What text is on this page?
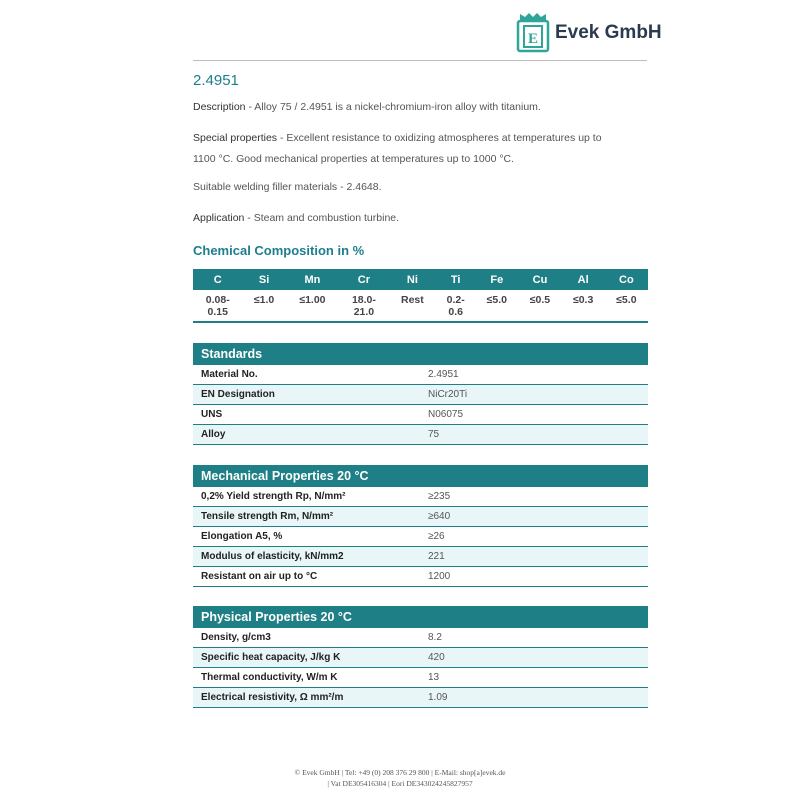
E Evek GmbH
2.4951
Description - Alloy 75 / 2.4951 is a nickel-chromium-iron alloy with titanium.
Special properties - Excellent resistance to oxidizing atmospheres at temperatures up to
1100 °C. Good mechanical properties at temperatures up to 1000 °C.
Suitable welding filler materials - 2.4648.
Application - Steam and combustion turbine.
Chemical Composition in %
C	Si	Mn	Cr	Ni	Ti	Fe	Cu	Al	Co
0.08-
0.15	≤1.0	≤1.00	18.0-
21.0	Rest	0.2-
0.6	≤5.0	≤0.5	≤0.3	≤5.0
Standards	
Material No.	2.4951
EN Designation	NiCr20Ti
UNS	N06075
Alloy	75
Mechanical Properties 20 °C	
0,2% Yield strength Rp, N/mm²	≥235
Tensile strength Rm, N/mm²	≥640
Elongation A5, %	≥26
Modulus of elasticity, kN/mm2	221
Resistant on air up to °C	1200
Physical Properties 20 °C	
Density, g/cm3	8.2
Specific heat capacity, J/kg K	420
Thermal conductivity, W/m K	13
Electrical resistivity, Ω mm²/m	1.09
© Evek GmbH | Tel: +49 (0) 208 376 29 800 | E-Mail: shop[a]evek.de
| Vat DE305416304 | Eori DE343024245827957
